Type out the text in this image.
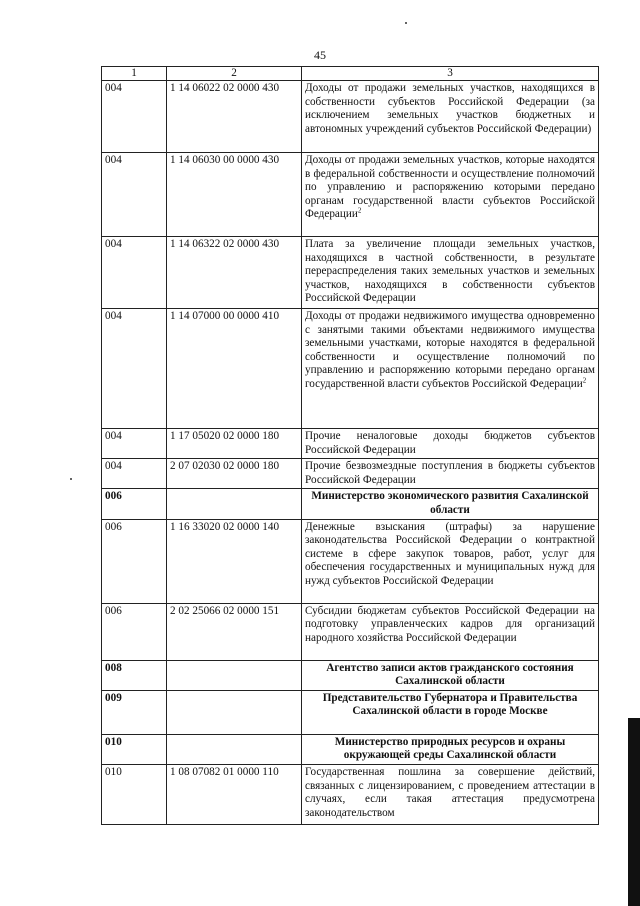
45
1	2	3
004	1 14 06022 02 0000 430	Доходы от продажи земельных участков, находящихся в собственности субъектов Российской Федерации (за исключением земельных участков бюджетных и автономных учреждений субъектов Российской Федерации)
004	1 14 06030 00 0000 430	Доходы от продажи земельных участков, которые находятся в федеральной собственности и осуществление полномочий по управлению и распоряжению которыми передано органам государственной власти субъектов Российской Федерации$^2$
004	1 14 06322 02 0000 430	Плата за увеличение площади земельных участков, находящихся в частной собственности, в результате перераспределения таких земельных участков и земельных участков, находящихся в собственности субъектов Российской Федерации
004	1 14 07000 00 0000 410	Доходы от продажи недвижимого имущества одновременно с занятыми такими объектами недвижимого имущества земельными участками, которые находятся в федеральной собственности и осуществление полномочий по управлению и распоряжению которыми передано органам государственной власти субъектов Российской Федерации$^2$
004	1 17 05020 02 0000 180	Прочие неналоговые доходы бюджетов субъектов Российской Федерации
004	2 07 02030 02 0000 180	Прочие безвозмездные поступления в бюджеты субъектов Российской Федерации
006		Министерство экономического развития Сахалинской области
006	1 16 33020 02 0000 140	Денежные взыскания (штрафы) за нарушение законодательства Российской Федерации о контрактной системе в сфере закупок товаров, работ, услуг для обеспечения государственных и муниципальных нужд для нужд субъектов Российской Федерации
006	2 02 25066 02 0000 151	Субсидии бюджетам субъектов Российской Федерации на подготовку управленческих кадров для организаций народного хозяйства Российской Федерации
008		Агентство записи актов гражданского состояния Сахалинской области
009		Представительство Губернатора и Правительства Сахалинской области в городе Москве
010		Министерство природных ресурсов и охраны окружающей среды Сахалинской области
010	1 08 07082 01 0000 110	Государственная пошлина за совершение действий, связанных с лицензированием, с проведением аттестации в случаях, если такая аттестация предусмотрена законодательством
